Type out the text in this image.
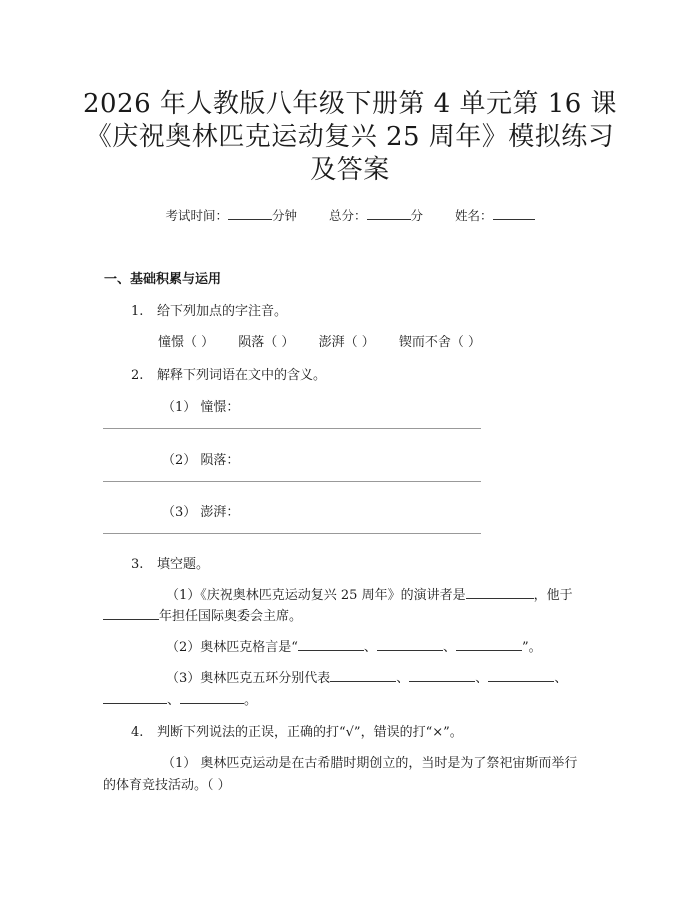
2026 年人教版八年级下册第 4 单元第 16 课
《庆祝奥林匹克运动复兴 25 周年》模拟练习
及答案
考试时间：	分钟	总分：	分	姓名：
一、基础积累与运用
1. 给下列加点的字注音。
憧憬（ ） 陨落（ ） 澎湃（ ） 锲而不舍（ ）
2. 解释下列词语在文中的含义。
（1） 憧憬：
（2） 陨落：
（3） 澎湃：
3. 填空题。
（1）《庆祝奥林匹克运动复兴 25 周年》的演讲者是	，他于
年担任国际奥委会主席。
（2）奥林匹克格言是“	、	、	”。
（3）奥林匹克五环分别代表	、	、	、
、	。
4. 判断下列说法的正误，正确的打“√”，错误的打“×”。
（1） 奥林匹克运动是在古希腊时期创立的，当时是为了祭祀宙斯而举行
的体育竞技活动。（ ）
